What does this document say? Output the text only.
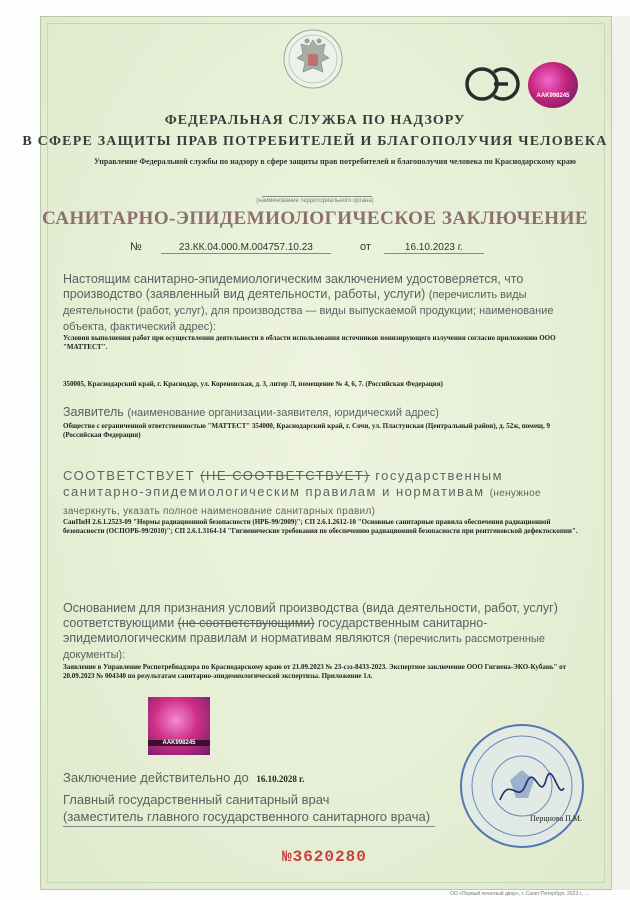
AAK998245
ФЕДЕРАЛЬНАЯ СЛУЖБА ПО НАДЗОРУ
В СФЕРЕ ЗАЩИТЫ ПРАВ ПОТРЕБИТЕЛЕЙ И БЛАГОПОЛУЧИЯ ЧЕЛОВЕКА
Управление Федеральной службы по надзору в сфере защиты прав потребителей и благополучия человека по Краснодарскому краю
(наименование территориального органа)
САНИТАРНО-ЭПИДЕМИОЛОГИЧЕСКОЕ ЗАКЛЮЧЕНИЕ
№	23.КК.04.000.М.004757.10.23	от	16.10.2023 г.
Настоящим санитарно-эпидемиологическим заключением удостоверяется, что производство (заявленный вид деятельности, работы, услуги) (перечислить виды деятельности (работ, услуг), для производства — виды выпускаемой продукции; наименование объекта, фактический адрес):
Условия выполнения работ при осуществлении деятельности в области использования источников ионизирующего излучения согласно приложению ООО "МАТТЕСТ".
350005, Краснодарский край, г. Краснодар, ул. Кореновская, д. 3, литер Л, помещение № 4, 6, 7. (Российская Федерация)
Заявитель (наименование организации-заявителя, юридический адрес)
Общество с ограниченной ответственностью "МАТТЕСТ" 354000, Краснодарский край, г. Сочи, ул. Пластунская (Центральный район), д. 52ж, помещ. 9 (Российская Федерация)
СООТВЕТСТВУЕТ (НЕ СООТВЕТСТВУЕТ) государственным санитарно-эпидемиологическим правилам и нормативам (ненужное зачеркнуть, указать полное наименование санитарных правил)
СанПиН 2.6.1.2523-09 "Нормы радиационной безопасности (НРБ-99/2009)"; СП 2.6.1.2612-10 "Основные санитарные правила обеспечения радиационной безопасности (ОСПОРБ-99/2010)"; СП 2.6.1.3164-14 "Гигиенические требования по обеспечению радиационной безопасности при рентгеновской дефектоскопии".
Основанием для признания условий производства (вида деятельности, работ, услуг) соответствующими (не соответствующими) государственным санитарно-эпидемиологическим правилам и нормативам являются (перечислить рассмотренные документы):
Заявление в Управление Роспотребнадзора по Краснодарскому краю от 21.09.2023 № 23-сэз-8433-2023. Экспертное заключение ООО Гигиена-ЭКО-Кубань" от 20.09.2023 № 004340 по результатам санитарно-эпидемиологической экспертизы. Приложение 1л.
AAK998245
Заключение действительно до 16.10.2028 г.
Главный государственный санитарный врач
(заместитель главного государственного санитарного врача)	Перцнова П.М.
№3620280
ОО «Первый печатный двор», г. Санкт-Петербург, 2023 г., ...
